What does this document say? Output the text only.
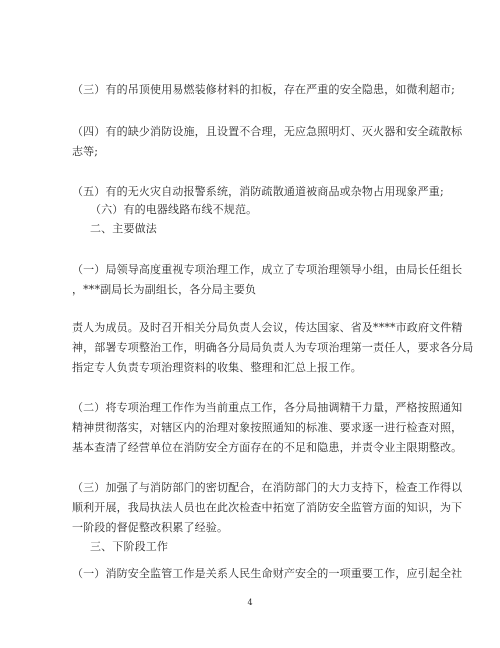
（三）有的吊顶使用易燃装修材料的扣板，存在严重的安全隐患，如微利超市;
（四）有的缺少消防设施，且设置不合理，无应急照明灯、灭火器和安全疏散标
志等;
（五）有的无火灾自动报警系统，消防疏散通道被商品或杂物占用现象严重;
（六）有的电器线路布线不规范。
二、主要做法
（一）局领导高度重视专项治理工作，成立了专项治理领导小组，由局长任组长
，***副局长为副组长，各分局主要负
责人为成员。及时召开相关分局负责人会议，传达国家、省及****市政府文件精
神，部署专项整治工作，明确各分局局负责人为专项治理第一责任人，要求各分局
指定专人负责专项治理资料的收集、整理和汇总上报工作。
（二）将专项治理工作作为当前重点工作，各分局抽调精干力量，严格按照通知
精神贯彻落实，对辖区内的治理对象按照通知的标准、要求逐一进行检查对照，
基本查清了经营单位在消防安全方面存在的不足和隐患，并责令业主限期整改。
（三）加强了与消防部门的密切配合，在消防部门的大力支持下，检查工作得以
顺利开展，我局执法人员也在此次检查中拓宽了消防安全监管方面的知识，为下
一阶段的督促整改积累了经验。
三、下阶段工作
（一）消防安全监管工作是关系人民生命财产安全的一项重要工作，应引起全社
4
